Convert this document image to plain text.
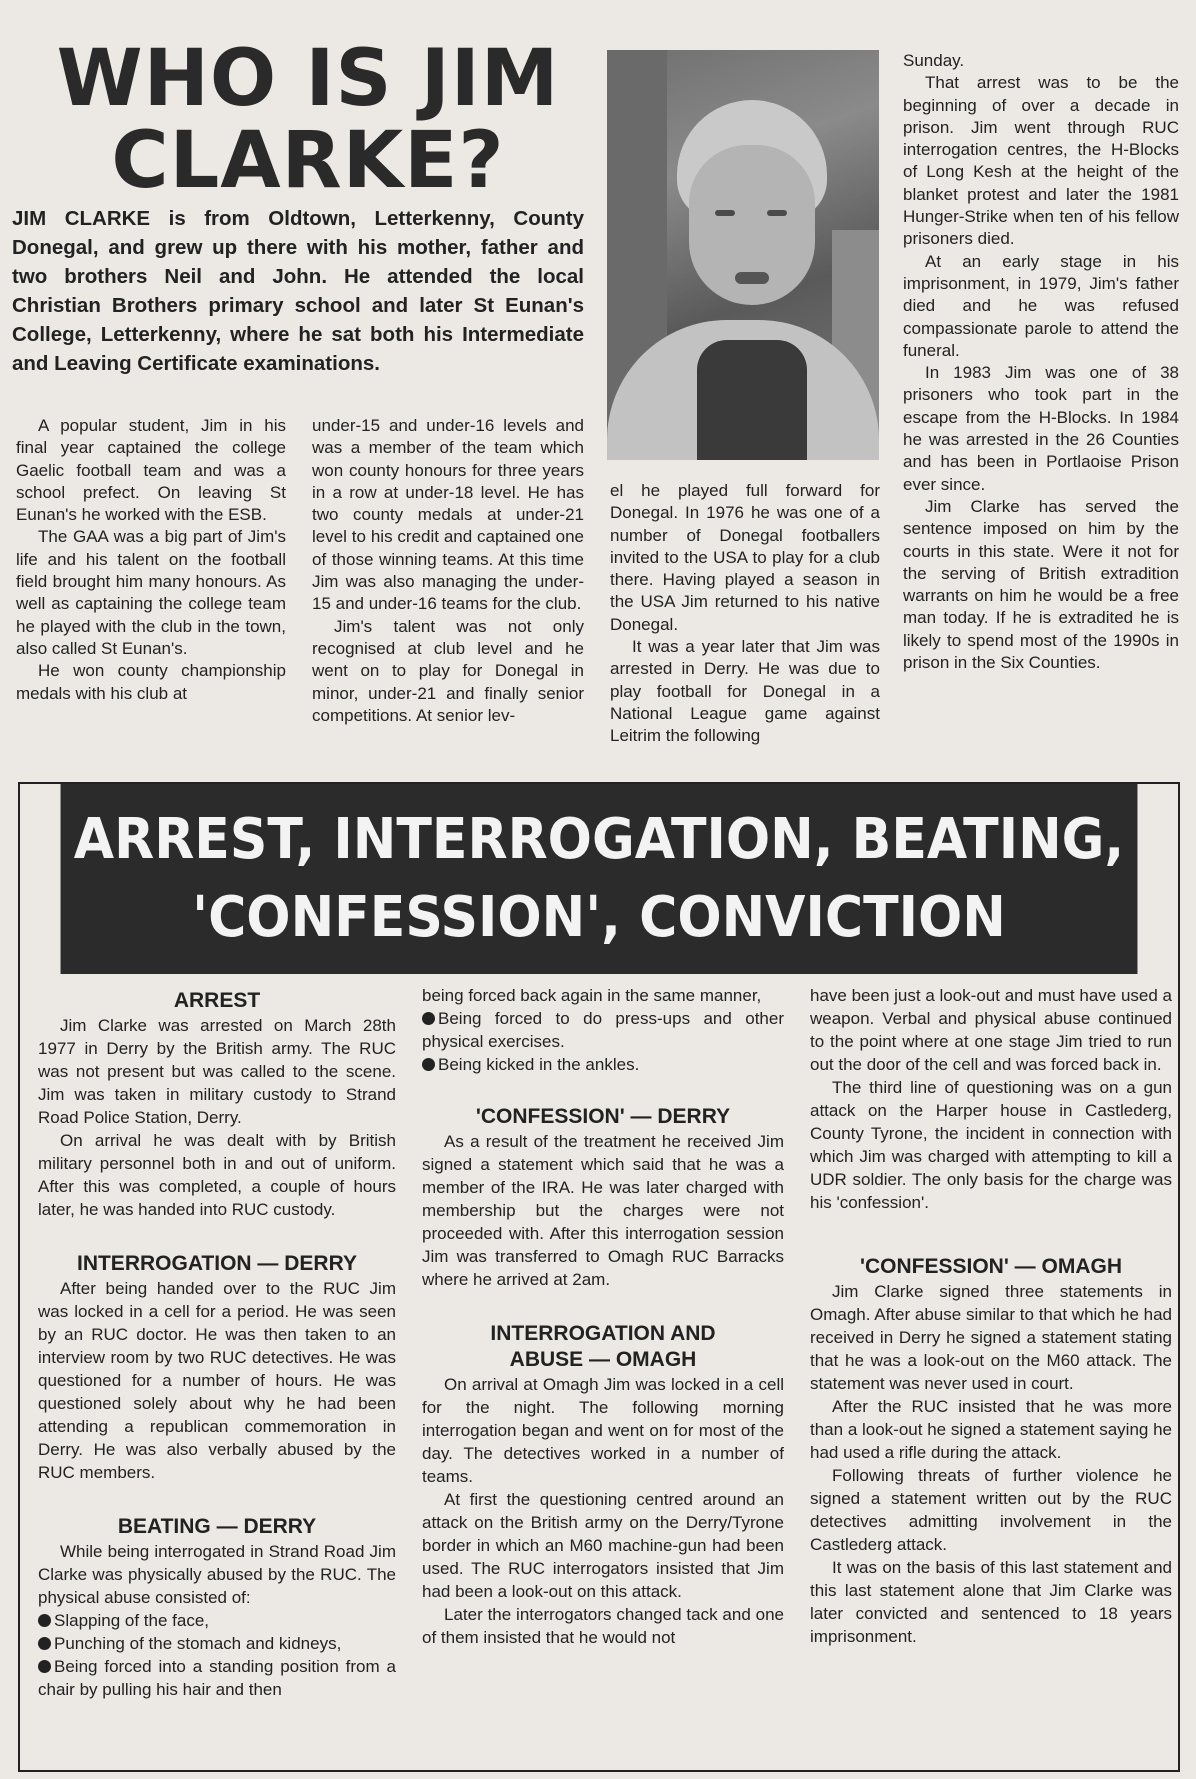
WHO IS JIM
CLARKE?

JIM CLARKE is from Oldtown, Letterkenny, County Donegal, and grew up there with his mother, father and two brothers Neil and John. He attended the local Christian Brothers primary school and later St Eunan's College, Letterkenny, where he sat both his Intermediate and Leaving Certificate examinations.

A popular student, Jim in his final year captained the college Gaelic football team and was a school prefect. On leaving St Eunan's he worked with the ESB.

The GAA was a big part of Jim's life and his talent on the football field brought him many honours. As well as captaining the college team he played with the club in the town, also called St Eunan's.

He won county championship medals with his club at

under-15 and under-16 levels and was a member of the team which won county honours for three years in a row at under-18 level. He has two county medals at under-21 level to his credit and captained one of those winning teams. At this time Jim was also managing the under-15 and under-16 teams for the club.

Jim's talent was not only recognised at club level and he went on to play for Donegal in minor, under-21 and finally senior competitions. At senior lev-

el he played full forward for Donegal. In 1976 he was one of a number of Donegal footballers invited to the USA to play for a club there. Having played a season in the USA Jim returned to his native Donegal.

It was a year later that Jim was arrested in Derry. He was due to play football for Donegal in a National League game against Leitrim the following

Sunday.

That arrest was to be the beginning of over a decade in prison. Jim went through RUC interrogation centres, the H-Blocks of Long Kesh at the height of the blanket protest and later the 1981 Hunger-Strike when ten of his fellow prisoners died.

At an early stage in his imprisonment, in 1979, Jim's father died and he was refused compassionate parole to attend the funeral.

In 1983 Jim was one of 38 prisoners who took part in the escape from the H-Blocks. In 1984 he was arrested in the 26 Counties and has been in Portlaoise Prison ever since.

Jim Clarke has served the sentence imposed on him by the courts in this state. Were it not for the serving of British extradition warrants on him he would be a free man today. If he is extradited he is likely to spend most of the 1990s in prison in the Six Counties.

ARREST, INTERROGATION, BEATING,
'CONFESSION', CONVICTION
ARREST

Jim Clarke was arrested on March 28th 1977 in Derry by the British army. The RUC was not present but was called to the scene. Jim was taken in military custody to Strand Road Police Station, Derry.

On arrival he was dealt with by British military personnel both in and out of uniform. After this was completed, a couple of hours later, he was handed into RUC custody.

INTERROGATION — DERRY

After being handed over to the RUC Jim was locked in a cell for a period. He was seen by an RUC doctor. He was then taken to an interview room by two RUC detectives. He was questioned for a number of hours. He was questioned solely about why he had been attending a republican commemoration in Derry. He was also verbally abused by the RUC members.

BEATING — DERRY

While being interrogated in Strand Road Jim Clarke was physically abused by the RUC. The physical abuse consisted of:

Slapping of the face,

Punching of the stomach and kidneys,

Being forced into a standing position from a chair by pulling his hair and then

being forced back again in the same manner,

Being forced to do press-ups and other physical exercises.

Being kicked in the ankles.

'CONFESSION' — DERRY

As a result of the treatment he received Jim signed a statement which said that he was a member of the IRA. He was later charged with membership but the charges were not proceeded with. After this interrogation session Jim was transferred to Omagh RUC Barracks where he arrived at 2am.

INTERROGATION AND
ABUSE — OMAGH

On arrival at Omagh Jim was locked in a cell for the night. The following morning interrogation began and went on for most of the day. The detectives worked in a number of teams.

At first the questioning centred around an attack on the British army on the Derry/Tyrone border in which an M60 machine-gun had been used. The RUC interrogators insisted that Jim had been a look-out on this attack.

Later the interrogators changed tack and one of them insisted that he would not

have been just a look-out and must have used a weapon. Verbal and physical abuse continued to the point where at one stage Jim tried to run out the door of the cell and was forced back in.

The third line of questioning was on a gun attack on the Harper house in Castlederg, County Tyrone, the incident in connection with which Jim was charged with attempting to kill a UDR soldier. The only basis for the charge was his 'confession'.

'CONFESSION' — OMAGH

Jim Clarke signed three statements in Omagh. After abuse similar to that which he had received in Derry he signed a statement stating that he was a look-out on the M60 attack. The statement was never used in court.

After the RUC insisted that he was more than a look-out he signed a statement saying he had used a rifle during the attack.

Following threats of further violence he signed a statement written out by the RUC detectives admitting involvement in the Castlederg attack.

It was on the basis of this last statement and this last statement alone that Jim Clarke was later convicted and sentenced to 18 years imprisonment.
